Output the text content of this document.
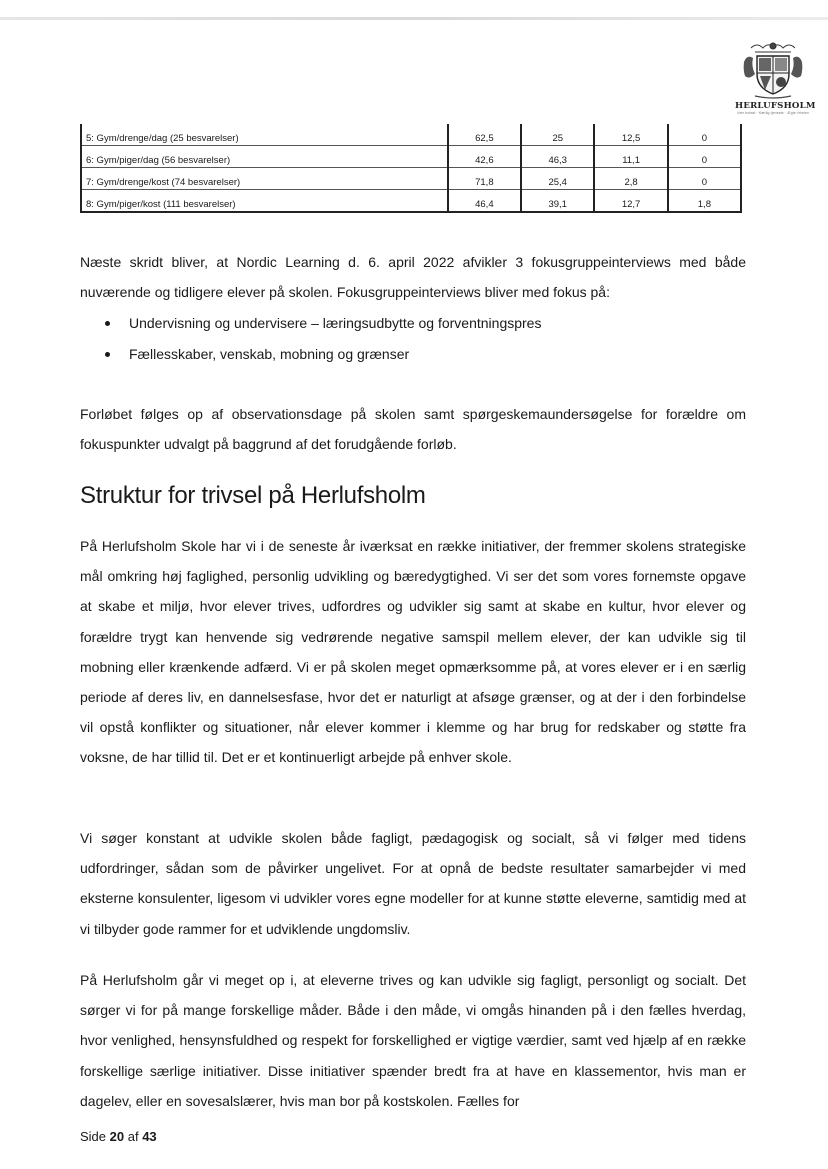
HERLUFSHOLM
Vær trofast · Kærlig tjeneste · Ægte vrimlen
5: Gym/drenge/dag (25 besvarelser)	62,5	25	12,5	0
6: Gym/piger/dag (56 besvarelser)	42,6	46,3	11,1	0
7: Gym/drenge/kost (74 besvarelser)	71,8	25,4	2,8	0
8: Gym/piger/kost (111 besvarelser)	46,4	39,1	12,7	1,8

Næste skridt bliver, at Nordic Learning d. 6. april 2022 afvikler 3 fokusgruppeinterviews med både nuværende og tidligere elever på skolen. Fokusgruppeinterviews bliver med fokus på:

Undervisning og undervisere – læringsudbytte og forventningspres
Fællesskaber, venskab, mobning og grænser

Forløbet følges op af observationsdage på skolen samt spørgeskemaundersøgelse for forældre om fokuspunkter udvalgt på baggrund af det forudgående forløb.

Struktur for trivsel på Herlufsholm

På Herlufsholm Skole har vi i de seneste år iværksat en række initiativer, der fremmer skolens strategiske mål omkring høj faglighed, personlig udvikling og bæredygtighed. Vi ser det som vores fornemste opgave at skabe et miljø, hvor elever trives, udfordres og udvikler sig samt at skabe en kultur, hvor elever og forældre trygt kan henvende sig vedrørende negative samspil mellem elever, der kan udvikle sig til mobning eller krænkende adfærd. Vi er på skolen meget opmærksomme på, at vores elever er i en særlig periode af deres liv, en dannelsesfase, hvor det er naturligt at afsøge grænser, og at der i den forbindelse vil opstå konflikter og situationer, når elever kommer i klemme og har brug for redskaber og støtte fra voksne, de har tillid til. Det er et kontinuerligt arbejde på enhver skole.

Vi søger konstant at udvikle skolen både fagligt, pædagogisk og socialt, så vi følger med tidens udfordringer, sådan som de påvirker ungelivet. For at opnå de bedste resultater samarbejder vi med eksterne konsulenter, ligesom vi udvikler vores egne modeller for at kunne støtte eleverne, samtidig med at vi tilbyder gode rammer for et udviklende ungdomsliv.

På Herlufsholm går vi meget op i, at eleverne trives og kan udvikle sig fagligt, personligt og socialt. Det sørger vi for på mange forskellige måder. Både i den måde, vi omgås hinanden på i den fælles hverdag, hvor venlighed, hensynsfuldhed og respekt for forskellighed er vigtige værdier, samt ved hjælp af en række forskellige særlige initiativer. Disse initiativer spænder bredt fra at have en klassementor, hvis man er dagelev, eller en sovesalslærer, hvis man bor på kostskolen. Fælles for

Side 20 af 43
